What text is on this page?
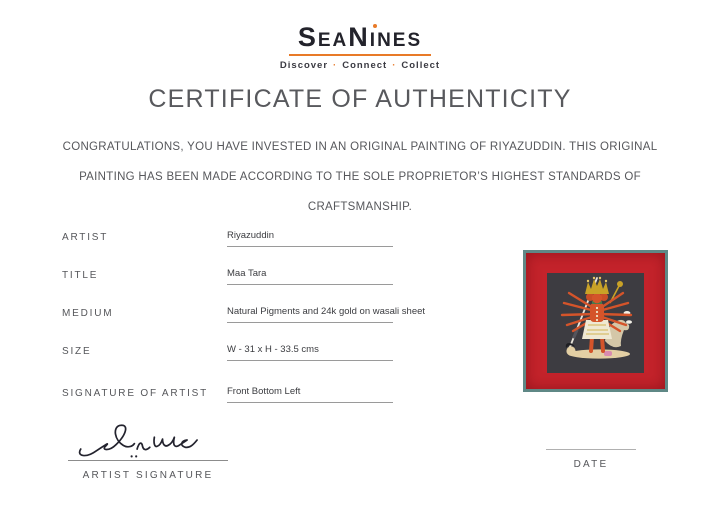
SEANINES
Discover · Connect · Collect
CERTIFICATE OF AUTHENTICITY
CONGRATULATIONS, YOU HAVE INVESTED IN AN ORIGINAL PAINTING OF RIYAZUDDIN. THIS ORIGINAL
PAINTING HAS BEEN MADE ACCORDING TO THE SOLE PROPRIETOR’S HIGHEST STANDARDS OF
CRAFTSMANSHIP.
ARTIST	Riyazuddin
TITLE	Maa Tara
MEDIUM	Natural Pigments and 24k gold on wasali sheet
SIZE	W - 31 x H - 33.5 cms
SIGNATURE OF ARTIST Front Bottom Left
ARTIST SIGNATURE
DATE
